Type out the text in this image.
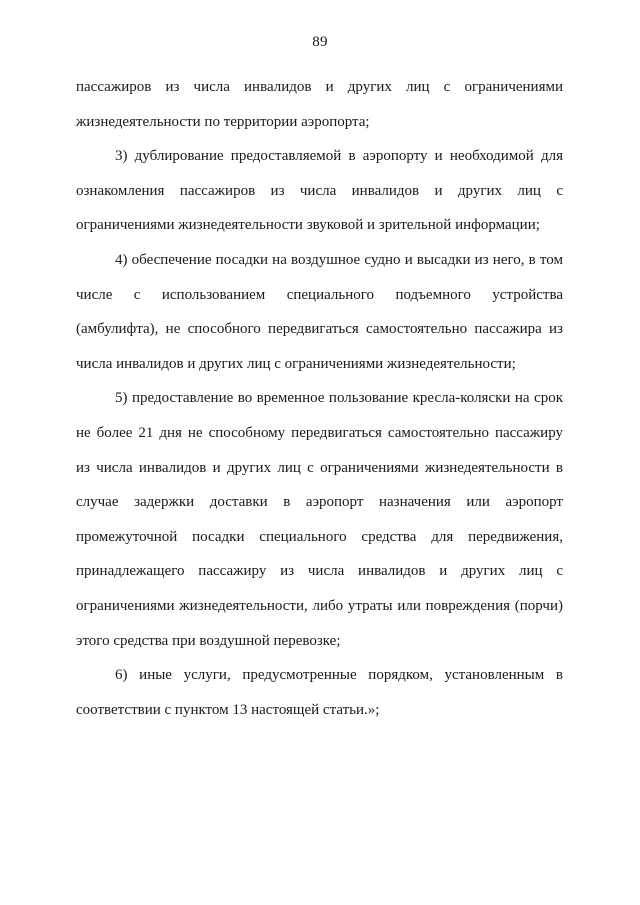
89
пассажиров из числа инвалидов и других лиц с ограничениями
жизнедеятельности по территории аэропорта;
3) дублирование предоставляемой в аэропорту и необходимой для
ознакомления пассажиров из числа инвалидов и других лиц с
ограничениями жизнедеятельности звуковой и зрительной информации;
4) обеспечение посадки на воздушное судно и высадки из него, в том
числе с использованием специального подъемного устройства
(амбулифта), не способного передвигаться самостоятельно пассажира из
числа инвалидов и других лиц с ограничениями жизнедеятельности;
5) предоставление во временное пользование кресла-коляски на срок
не более 21 дня не способному передвигаться самостоятельно пассажиру
из числа инвалидов и других лиц с ограничениями жизнедеятельности в
случае задержки доставки в аэропорт назначения или аэропорт
промежуточной посадки специального средства для передвижения,
принадлежащего пассажиру из числа инвалидов и других лиц с
ограничениями жизнедеятельности, либо утраты или повреждения (порчи)
этого средства при воздушной перевозке;
6) иные услуги, предусмотренные порядком, установленным в
соответствии с пунктом 13 настоящей статьи.»;
